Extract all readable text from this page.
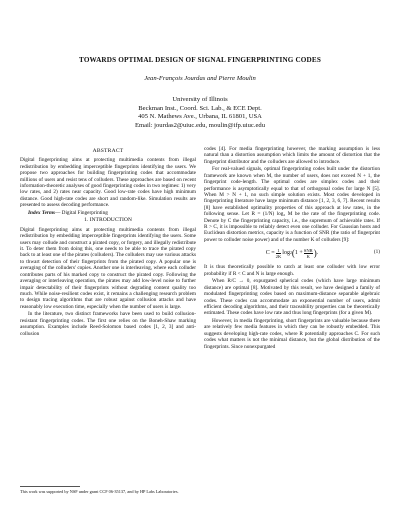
TOWARDS OPTIMAL DESIGN OF SIGNAL FINGERPRINTING CODES
Jean-François Jourdas and Pierre Moulin
University of Illinois
Beckman Inst., Coord. Sci. Lab., & ECE Dept.
405 N. Mathews Ave., Urbana, IL 61801, USA
Email: jourdas2@uiuc.edu, moulin@ifp.uiuc.edu
ABSTRACT

Digital fingerprinting aims at protecting multimedia contents from illegal redistribution by embedding imperceptible fingerprints identifying the users. We propose two approaches for building fingerprinting codes that accommodate millions of users and resist tens of colluders. These approaches are based on recent information-theoretic analyses of good fingerprinting codes in two regimes: 1) very low rates, and 2) rates near capacity. Good low-rate codes have high minimum distance. Good high-rate codes are short and random-like. Simulation results are presented to assess decoding performance.

Index Terms— Digital Fingerprinting

1. INTRODUCTION

Digital fingerprinting aims at protecting multimedia contents from illegal redistribution by embedding imperceptible fingerprints identifying the users. Some users may collude and construct a pirated copy, or forgery, and illegally redistribute it. To deter them from doing this, one needs to be able to trace the pirated copy back to at least one of the pirates (colluders). The colluders may use various attacks to thwart detection of their fingerprints from the pirated copy. A popular one is averaging of the colluders' copies. Another one is interleaving, where each colluder contributes parts of his marked copy to construct the pirated copy. Following the averaging or interleaving operation, the pirates may add low-level noise to further impair detectability of their fingerprints without degrading content quality too much. While noise-resilient codes exist, it remains a challenging research problem to design tracing algorithms that are robust against collusion attacks and have reasonably low execution time, especially when the number of users is large.

In the literature, two distinct frameworks have been used to build collusion-resistant fingerprinting codes. The first one relies on the Boneh-Shaw marking assumption. Examples include Reed-Solomon based codes [1, 2, 3] and anti-collusion

codes [4]. For media fingerprinting however, the marking assumption is less natural than a distortion assumption which limits the amount of distortion that the fingerprint distributor and the colluders are allowed to introduce.

For real-valued signals, optimal fingerprinting codes built under the distortion framework are known when M, the number of users, does not exceed N + 1, the fingerprint code-length. The optimal codes are simplex codes and their performance is asymptotically equal to that of orthogonal codes for large N [5]. When M > N + 1, no such simple solution exists. Most codes developed in fingerprinting literature have large minimum distance [1, 2, 3, 6, 7]. Recent results [8] have established optimality properties of this approach at low rates, in the following sense. Let R = (1/N) log₂ M be the rate of the fingerprinting code. Denote by C the fingerprinting capacity, i.e., the supremum of achievable rates. If R > C, it is impossible to reliably detect even one colluder. For Gaussian hosts and Euclidean distortion metrics, capacity is a function of SNR (the ratio of fingerprint power to colluder noise power) and of the number K of colluders [9]:

$C = \frac{1}{2K}$ log 2 ( $1 + \frac{\text{SNR}}{K}$ ) .	(1)

It is thus theoretically possible to catch at least one colluder with low error probability if R < C and N is large enough.

When R/C → 0, expurgated spherical codes (which have large minimum distance) are optimal [8]. Motivated by this result, we have designed a family of modulated fingerprinting codes based on maximum-distance separable algebraic codes. These codes can accommodate an exponential number of users, admit efficient decoding algorithms, and their traceability properties can be theoretically estimated. These codes have low rate and thus long fingerprints (for a given M).

However, in media fingerprinting, short fingerprints are valuable because there are relatively few media features in which they can be robustly embedded. This suggests developing high-rate codes, where R potentially approaches C. For such codes what matters is not the minimal distance, but the global distribution of the fingerprints. Since nonexpurgated

This work was supported by NSF under grant CCF 06-35137, and by HP Labs Laboratories.
